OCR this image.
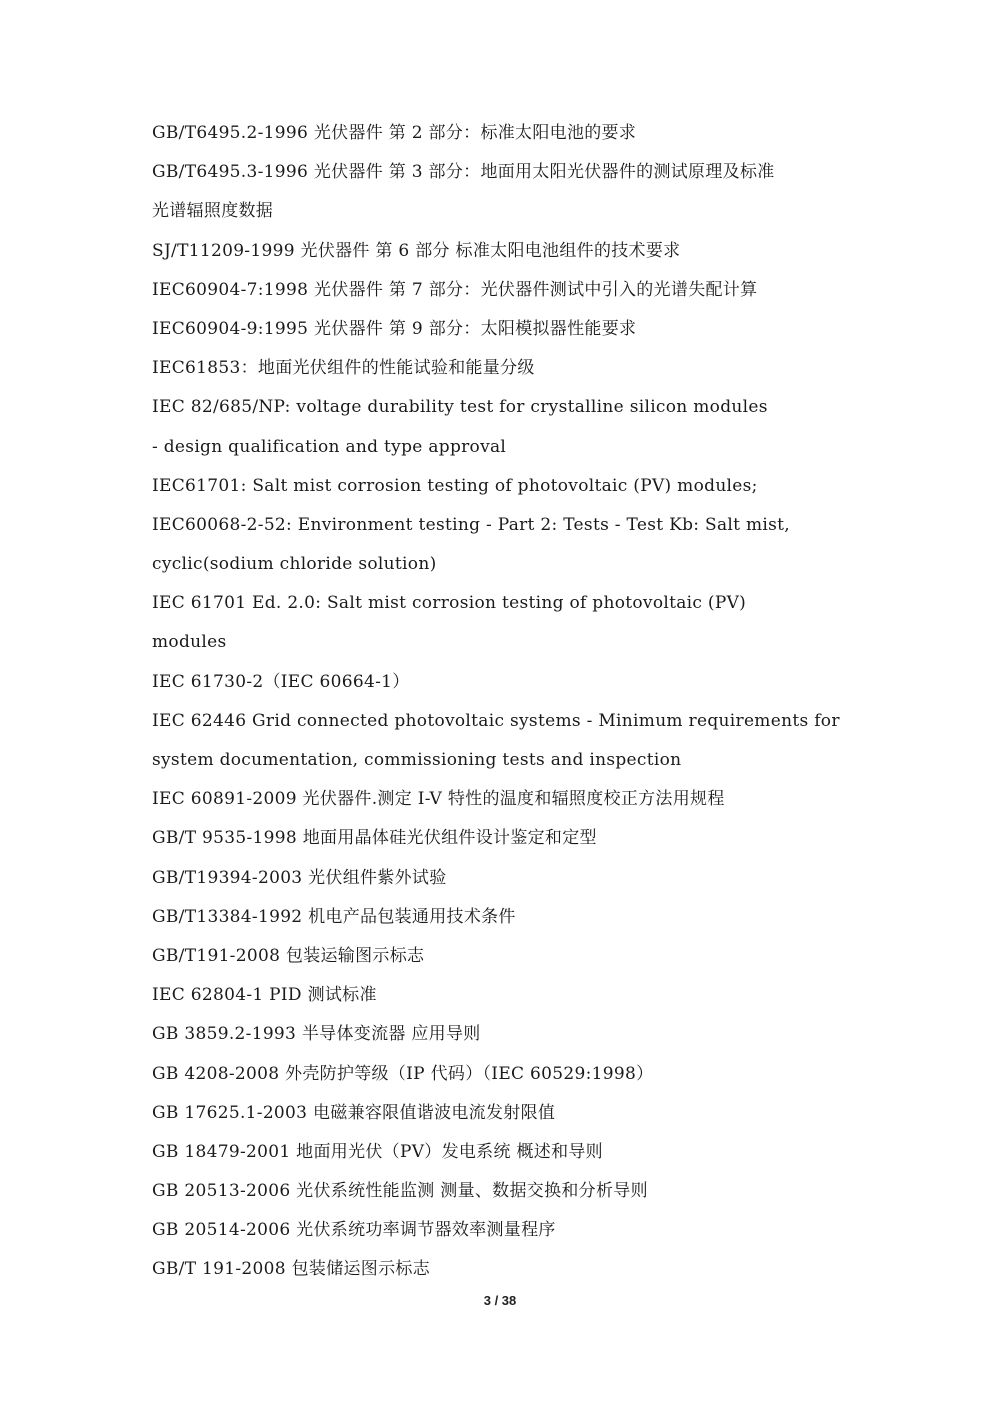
GB/T6495.2-1996 光伏器件 第 2 部分：标准太阳电池的要求
GB/T6495.3-1996 光伏器件 第 3 部分：地面用太阳光伏器件的测试原理及标准
光谱辐照度数据
SJ/T11209-1999 光伏器件 第 6 部分 标准太阳电池组件的技术要求
IEC60904-7:1998 光伏器件 第 7 部分：光伏器件测试中引入的光谱失配计算
IEC60904-9:1995 光伏器件 第 9 部分：太阳模拟器性能要求
IEC61853：地面光伏组件的性能试验和能量分级
IEC 82/685/NP: voltage durability test for crystalline silicon modules
- design qualification and type approval
IEC61701: Salt mist corrosion testing of photovoltaic (PV) modules;
IEC60068-2-52: Environment testing - Part 2: Tests - Test Kb: Salt mist,
cyclic(sodium chloride solution)
IEC 61701 Ed. 2.0: Salt mist corrosion testing of photovoltaic (PV)
modules
IEC 61730-2（IEC 60664-1）
IEC 62446 Grid connected photovoltaic systems - Minimum requirements for
system documentation, commissioning tests and inspection
IEC 60891-2009 光伏器件.测定 I-V 特性的温度和辐照度校正方法用规程
GB/T 9535-1998 地面用晶体硅光伏组件设计鉴定和定型
GB/T19394-2003 光伏组件紫外试验
GB/T13384-1992 机电产品包装通用技术条件
GB/T191-2008 包装运输图示标志
IEC 62804-1 PID 测试标准
GB 3859.2-1993 半导体变流器 应用导则
GB 4208-2008 外壳防护等级（IP 代码）（IEC 60529:1998）
GB 17625.1-2003 电磁兼容限值谐波电流发射限值
GB 18479-2001 地面用光伏（PV）发电系统 概述和导则
GB 20513-2006 光伏系统性能监测 测量、数据交换和分析导则
GB 20514-2006 光伏系统功率调节器效率测量程序
GB/T 191-2008 包装储运图示标志
3 / 38
